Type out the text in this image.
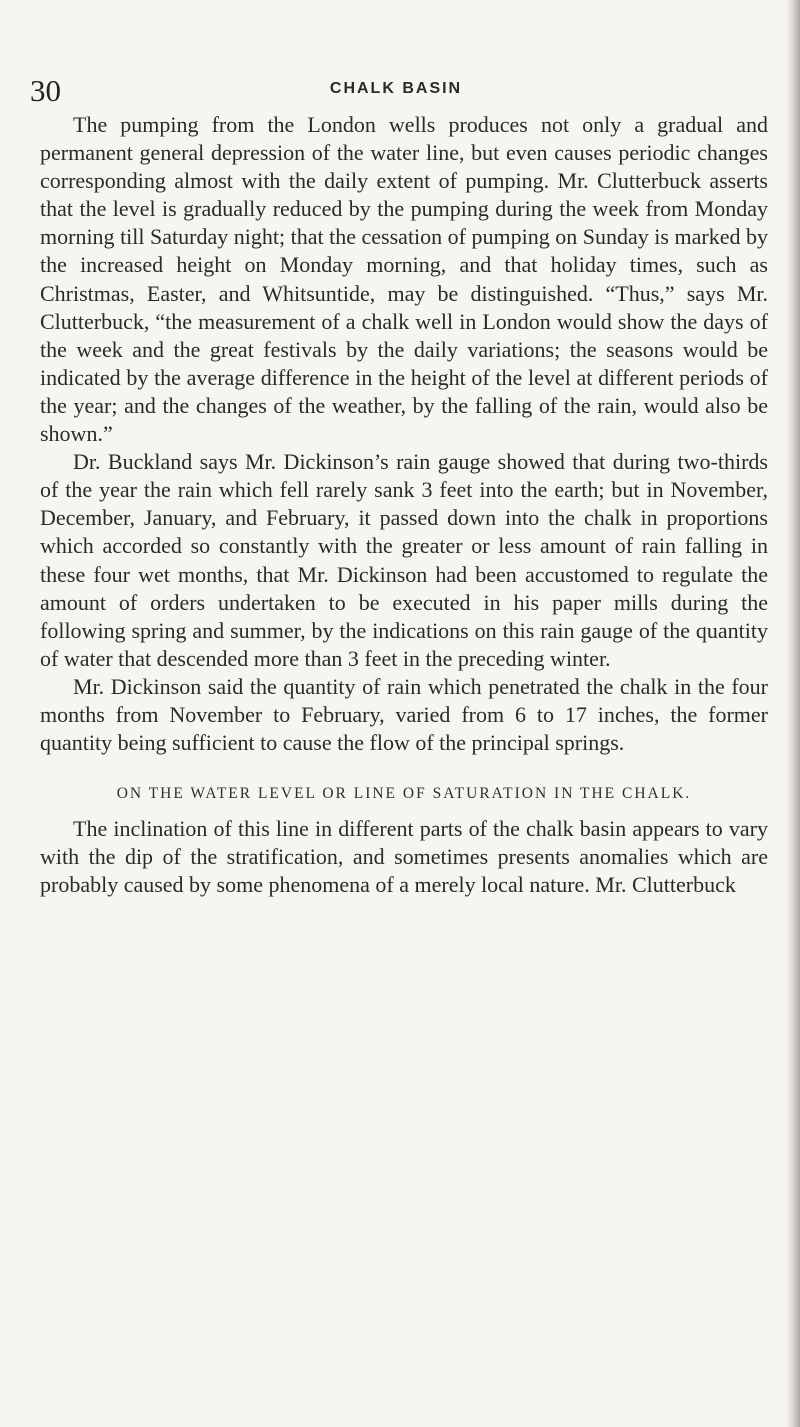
30	CHALK BASIN

The pumping from the London wells produces not only a gradual and permanent general depression of the water line, but even causes periodic changes corresponding almost with the daily extent of pumping. Mr. Clutterbuck asserts that the level is gradually reduced by the pumping during the week from Monday morning till Saturday night; that the cessation of pumping on Sunday is marked by the increased height on Monday morning, and that holiday times, such as Christmas, Easter, and Whitsuntide, may be distinguished. “Thus,” says Mr. Clutterbuck, “the measurement of a chalk well in London would show the days of the week and the great festivals by the daily variations; the seasons would be indicated by the average difference in the height of the level at different periods of the year; and the changes of the weather, by the falling of the rain, would also be shown.”

Dr. Buckland says Mr. Dickinson’s rain gauge showed that during two-thirds of the year the rain which fell rarely sank 3 feet into the earth; but in November, December, January, and February, it passed down into the chalk in proportions which accorded so constantly with the greater or less amount of rain falling in these four wet months, that Mr. Dickinson had been accustomed to regulate the amount of orders undertaken to be executed in his paper mills during the following spring and summer, by the indications on this rain gauge of the quantity of water that descended more than 3 feet in the preceding winter.

Mr. Dickinson said the quantity of rain which penetrated the chalk in the four months from November to February, varied from 6 to 17 inches, the former quantity being sufficient to cause the flow of the principal springs.

ON THE WATER LEVEL OR LINE OF SATURATION IN THE CHALK.

The inclination of this line in different parts of the chalk basin appears to vary with the dip of the stratification, and sometimes presents anomalies which are probably caused by some phenomena of a merely local nature. Mr. Clutterbuck
